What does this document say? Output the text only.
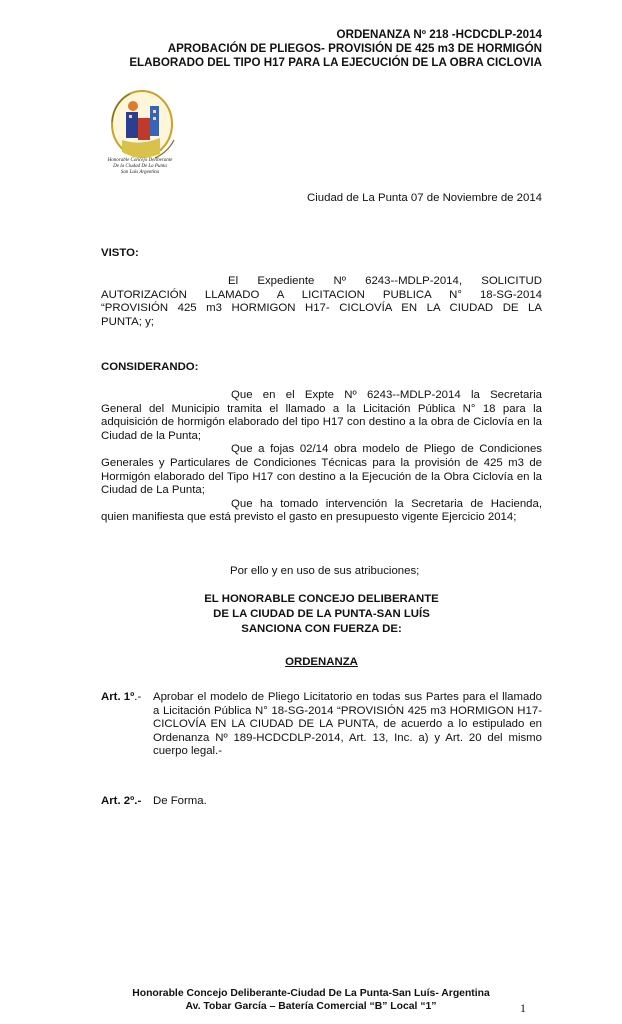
ORDENANZA Nº 218 -HCDCDLP-2014
APROBACIÓN DE PLIEGOS- PROVISIÓN DE 425 m3 DE HORMIGÓN
ELABORADO DEL TIPO H17 PARA LA EJECUCIÓN DE LA OBRA CICLOVIA
Honorable Concejo Deliberante
De la Ciudad De La Punta
San Luis Argentina
Ciudad de La Punta 07 de Noviembre de 2014
VISTO:
El Expediente Nº 6243--MDLP-2014, SOLICITUD
AUTORIZACIÓN LLAMADO A LICITACION PUBLICA N° 18-SG-2014
“PROVISIÓN 425 m3 HORMIGON H17- CICLOVÍA EN LA CIUDAD DE LA
PUNTA; y;
CONSIDERANDO:
Que en el Expte Nº 6243--MDLP-2014 la Secretaria
General del Municipio tramita el llamado a la Licitación Pública N° 18 para la adquisición de hormigón elaborado del tipo H17 con destino a la obra de Ciclovía en la Ciudad de la Punta;
Que a fojas 02/14 obra modelo de Pliego de Condiciones
Generales y Particulares de Condiciones Técnicas para la provisión de 425 m3 de Hormigón elaborado del Tipo H17 con destino a la Ejecución de la Obra Ciclovía en la Ciudad de La Punta;
Que ha tomado intervención la Secretaria de Hacienda,
quien manifiesta que está previsto el gasto en presupuesto vigente Ejercicio 2014;
Por ello y en uso de sus atribuciones;
EL HONORABLE CONCEJO DELIBERANTE
DE LA CIUDAD DE LA PUNTA-SAN LUÍS
SANCIONA CON FUERZA DE:
ORDENANZA
Art. 1º.- Aprobar el modelo de Pliego Licitatorio en todas sus Partes para el llamado a Licitación Pública N° 18-SG-2014 “PROVISIÓN 425 m3 HORMIGON H17- CICLOVÍA EN LA CIUDAD DE LA PUNTA, de acuerdo a lo estipulado en Ordenanza Nº 189-HCDCDLP-2014, Art. 13, Inc. a) y Art. 20 del mismo cuerpo legal.-
Art. 2º.- De Forma.
Honorable Concejo Deliberante-Ciudad De La Punta-San Luís- Argentina
Av. Tobar García – Batería Comercial “B” Local “1”	1
